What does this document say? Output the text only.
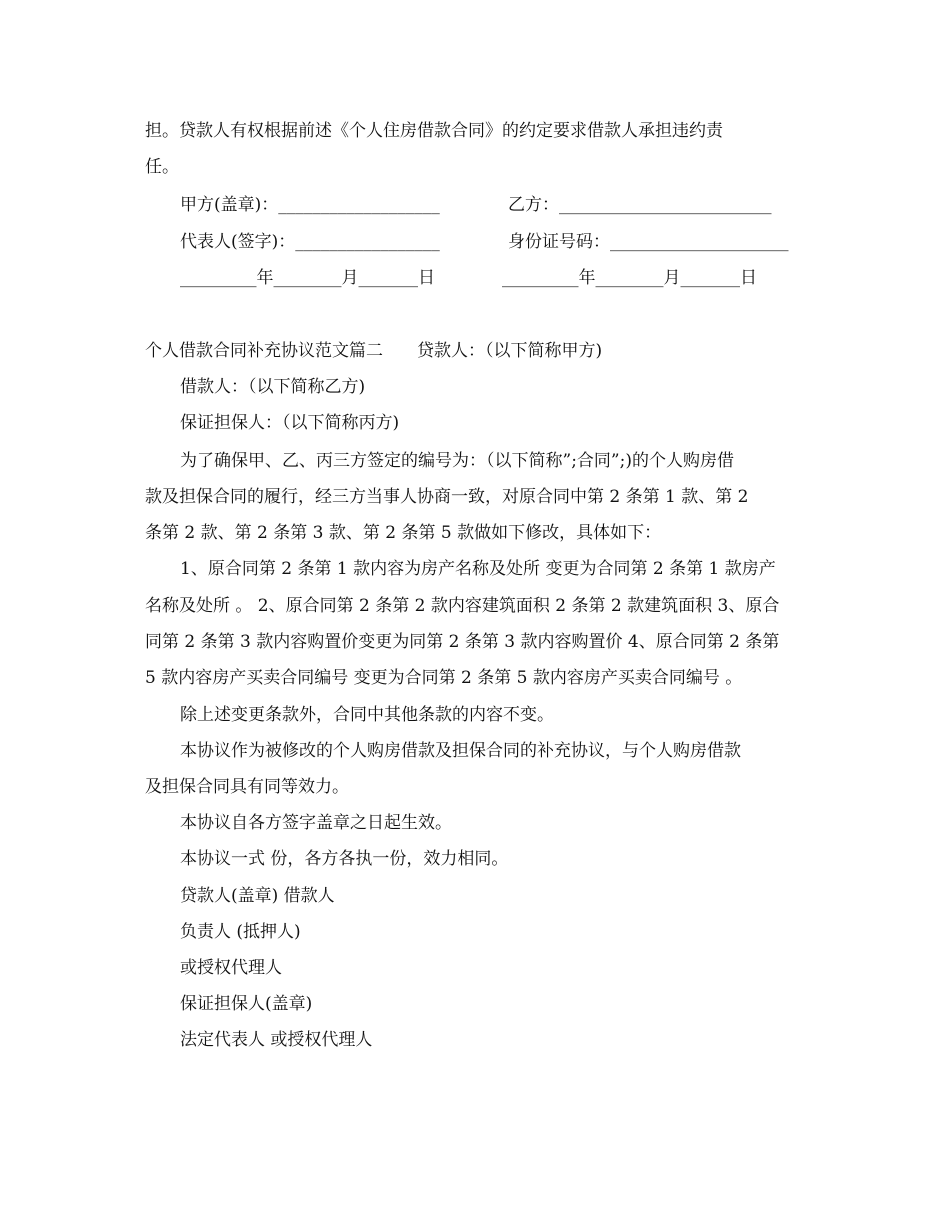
担。贷款人有权根据前述《个人住房借款合同》的约定要求借款人承担违约责
任。
甲方(盖章)：___________________	乙方：_________________________
代表人(签字)：_________________	身份证号码：_____________________
_________年________月_______日	_________年________月_______日
个人借款合同补充协议范文篇二　　贷款人：（以下简称甲方)
借款人：（以下简称乙方)
保证担保人：（以下简称丙方)
为了确保甲、乙、丙三方签定的编号为：（以下简称”;合同”;)的个人购房借
款及担保合同的履行，经三方当事人协商一致，对原合同中第 2 条第 1 款、第 2
条第 2 款、第 2 条第 3 款、第 2 条第 5 款做如下修改，具体如下：
1、原合同第 2 条第 1 款内容为房产名称及处所 变更为合同第 2 条第 1 款房产
名称及处所 。 2、原合同第 2 条第 2 款内容建筑面积 2 条第 2 款建筑面积 3、原合
同第 2 条第 3 款内容购置价变更为同第 2 条第 3 款内容购置价 4、原合同第 2 条第
5 款内容房产买卖合同编号 变更为合同第 2 条第 5 款内容房产买卖合同编号 。
除上述变更条款外，合同中其他条款的内容不变。
本协议作为被修改的个人购房借款及担保合同的补充协议，与个人购房借款
及担保合同具有同等效力。
本协议自各方签字盖章之日起生效。
本协议一式 份，各方各执一份，效力相同。
贷款人(盖章) 借款人
负责人 (抵押人)
或授权代理人
保证担保人(盖章)
法定代表人 或授权代理人
